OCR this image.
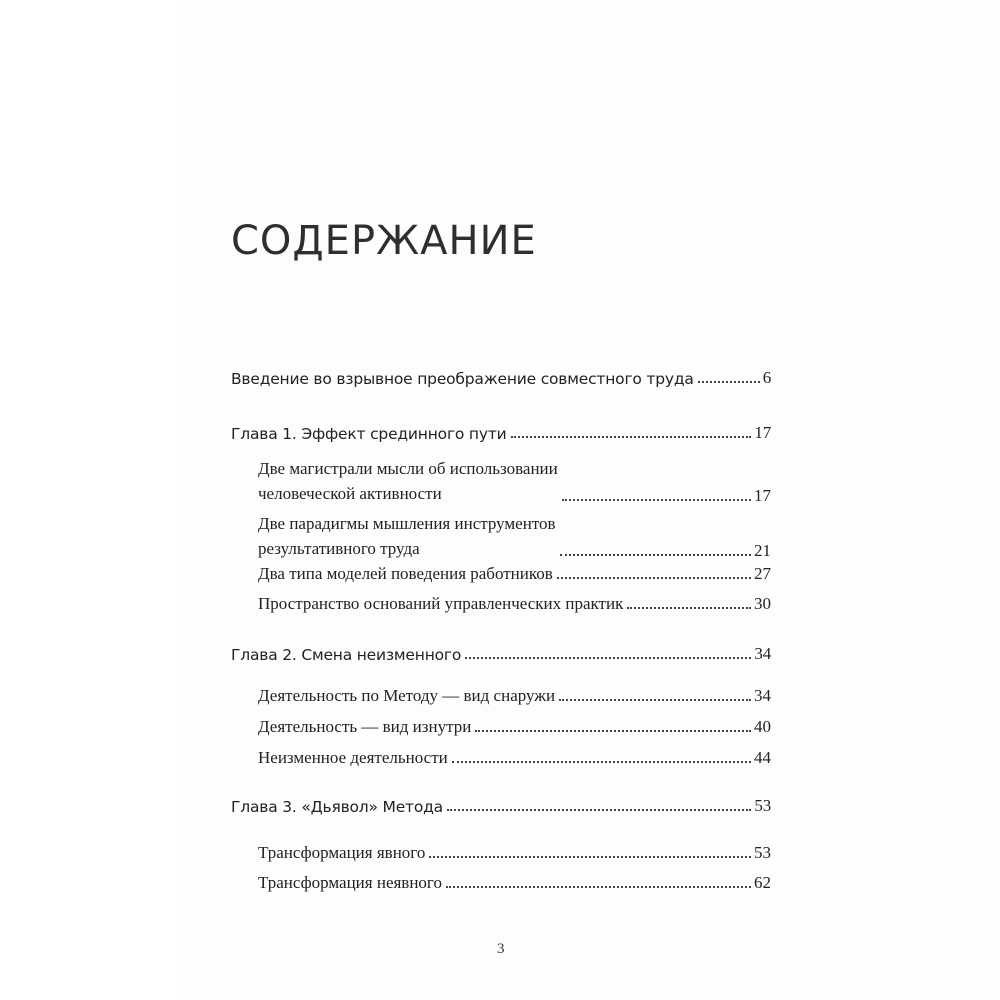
СОДЕРЖАНИЕ
Введение во взрывное преображение совместного труда	6
Глава 1. Эффект срединного пути	17
Две магистрали мысли об использовании
человеческой активности	17
Две парадигмы мышления инструментов
результативного труда	21
Два типа моделей поведения работников	27
Пространство оснований управленческих практик	30
Глава 2. Смена неизменного	34
Деятельность по Методу — вид снаружи	34
Деятельность — вид изнутри	40
Неизменное деятельности	44
Глава 3. «Дьявол» Метода	53
Трансформация явного	53
Трансформация неявного	62
3
